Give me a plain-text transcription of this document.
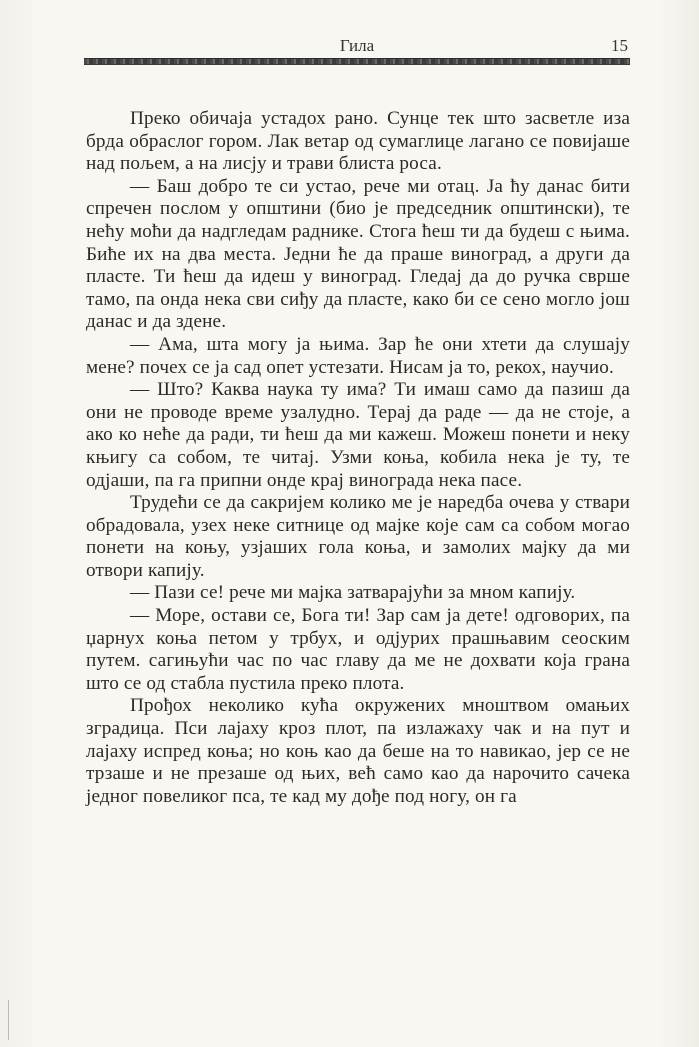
Гила	15

Преко обичаја устадох рано. Сунце тек што засветле иза брда обраслог гором. Лак ветар од сумаглице лагано се повијаше над пољем, а на лисју и трави блиста роса.

— Баш добро те си устао, рече ми отац. Ја ћу данас бити спречен послом у општини (био је председник општински), те нећу моћи да надгледам раднике. Стога ћеш ти да будеш с њима. Биће их на два места. Једни ће да праше виноград, а други да пласте. Ти ћеш да идеш у виноград. Гледај да до ручка сврше тамо, па онда нека сви сиђу да пласте, како би се сено могло још данас и да здене.

— Ама, шта могу ја њима. Зар ће они хтети да слушају мене? почех се ја сад опет устезати. Нисам ја то, рекох, научио.

— Што? Каква наука ту има? Ти имаш само да пазиш да они не проводе време узалудно. Терај да раде — да не стоје, а ако ко неће да ради, ти ћеш да ми кажеш. Можеш понети и неку књигу са собом, те читај. Узми коња, кобила нека је ту, те одјаши, па га припни онде крај винограда нека пасе.

Трудећи се да сакријем колико ме је наредба очева у ствари обрадовала, узех неке ситнице од мајке које сам са собом могао понети на коњу, узјаших гола коња, и замолих мајку да ми отвори капију.

— Пази се! рече ми мајка затварајући за мном капију.

— Море, остави се, Бога ти! Зар сам ја дете! одговорих, па џарнух коња петом у трбух, и одјурих прашњавим сеоским путем. сагињући час по час главу да ме не дохвати која грана што се од стабла пустила преко плота.

Прођох неколико кућа окружених мноштвом омањих зградица. Пси лајаху кроз плот, па излажаху чак и на пут и лајаху испред коња; но коњ као да беше на то навикао, јер се не трзаше и не презаше од њих, већ само као да нарочито сачека једног повеликог пса, те кад му дође под ногу, он га
